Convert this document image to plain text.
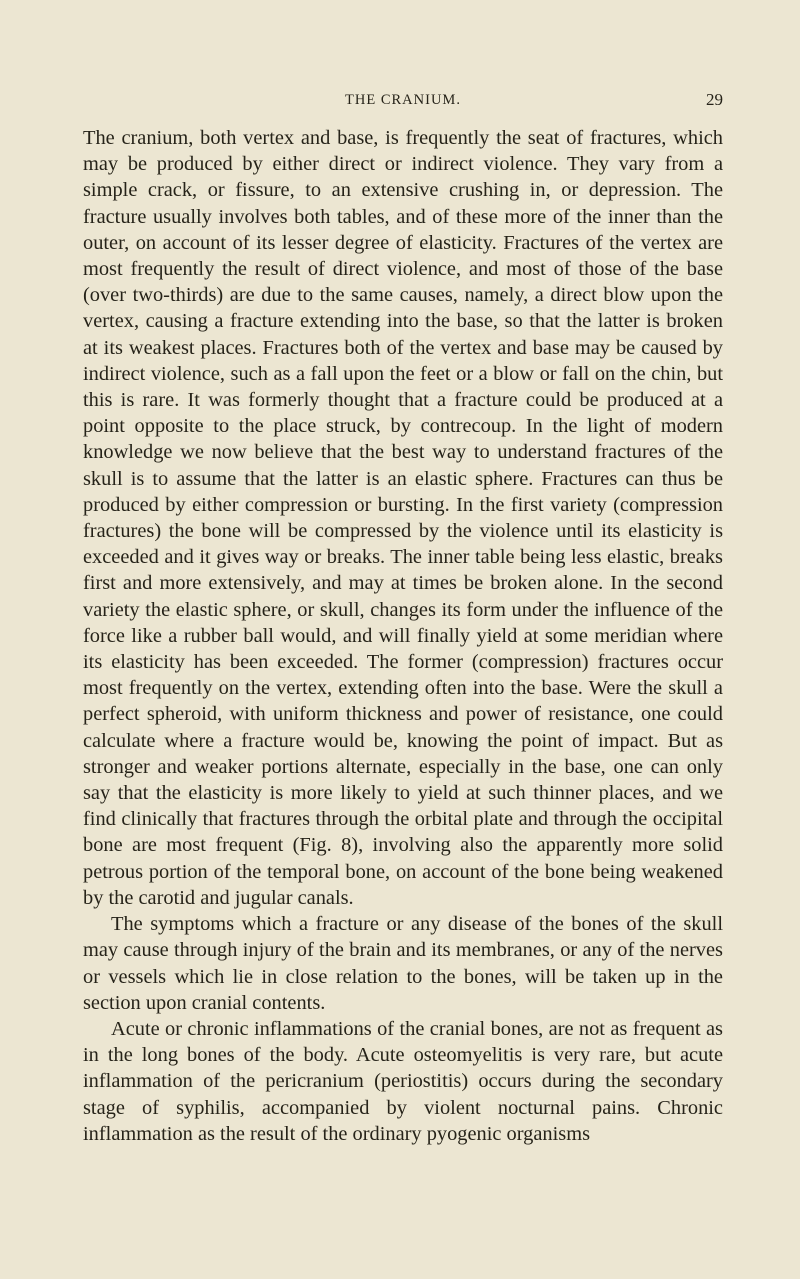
THE CRANIUM.	29

The cranium, both vertex and base, is frequently the seat of fractures, which may be produced by either direct or indirect violence. They vary from a simple crack, or fissure, to an extensive crushing in, or depression. The fracture usually involves both tables, and of these more of the inner than the outer, on account of its lesser degree of elasticity. Fractures of the vertex are most frequently the result of direct violence, and most of those of the base (over two-thirds) are due to the same causes, namely, a direct blow upon the vertex, causing a fracture extending into the base, so that the latter is broken at its weakest places. Fractures both of the vertex and base may be caused by indirect violence, such as a fall upon the feet or a blow or fall on the chin, but this is rare. It was formerly thought that a fracture could be produced at a point opposite to the place struck, by contrecoup. In the light of modern knowledge we now believe that the best way to understand fractures of the skull is to assume that the latter is an elastic sphere. Fractures can thus be produced by either compression or bursting. In the first variety (compression fractures) the bone will be compressed by the violence until its elasticity is exceeded and it gives way or breaks. The inner table being less elastic, breaks first and more extensively, and may at times be broken alone. In the second variety the elastic sphere, or skull, changes its form under the influence of the force like a rubber ball would, and will finally yield at some meridian where its elasticity has been exceeded. The former (compression) fractures occur most frequently on the vertex, extending often into the base. Were the skull a perfect spheroid, with uniform thickness and power of resistance, one could calculate where a fracture would be, knowing the point of impact. But as stronger and weaker portions alternate, especially in the base, one can only say that the elasticity is more likely to yield at such thinner places, and we find clinically that fractures through the orbital plate and through the occipital bone are most frequent (Fig. 8), involving also the apparently more solid petrous portion of the temporal bone, on account of the bone being weakened by the carotid and jugular canals.

The symptoms which a fracture or any disease of the bones of the skull may cause through injury of the brain and its membranes, or any of the nerves or vessels which lie in close relation to the bones, will be taken up in the section upon cranial contents.

Acute or chronic inflammations of the cranial bones, are not as frequent as in the long bones of the body. Acute osteomyelitis is very rare, but acute inflammation of the pericranium (periostitis) occurs during the secondary stage of syphilis, accompanied by violent nocturnal pains. Chronic inflammation as the result of the ordinary pyogenic organisms
